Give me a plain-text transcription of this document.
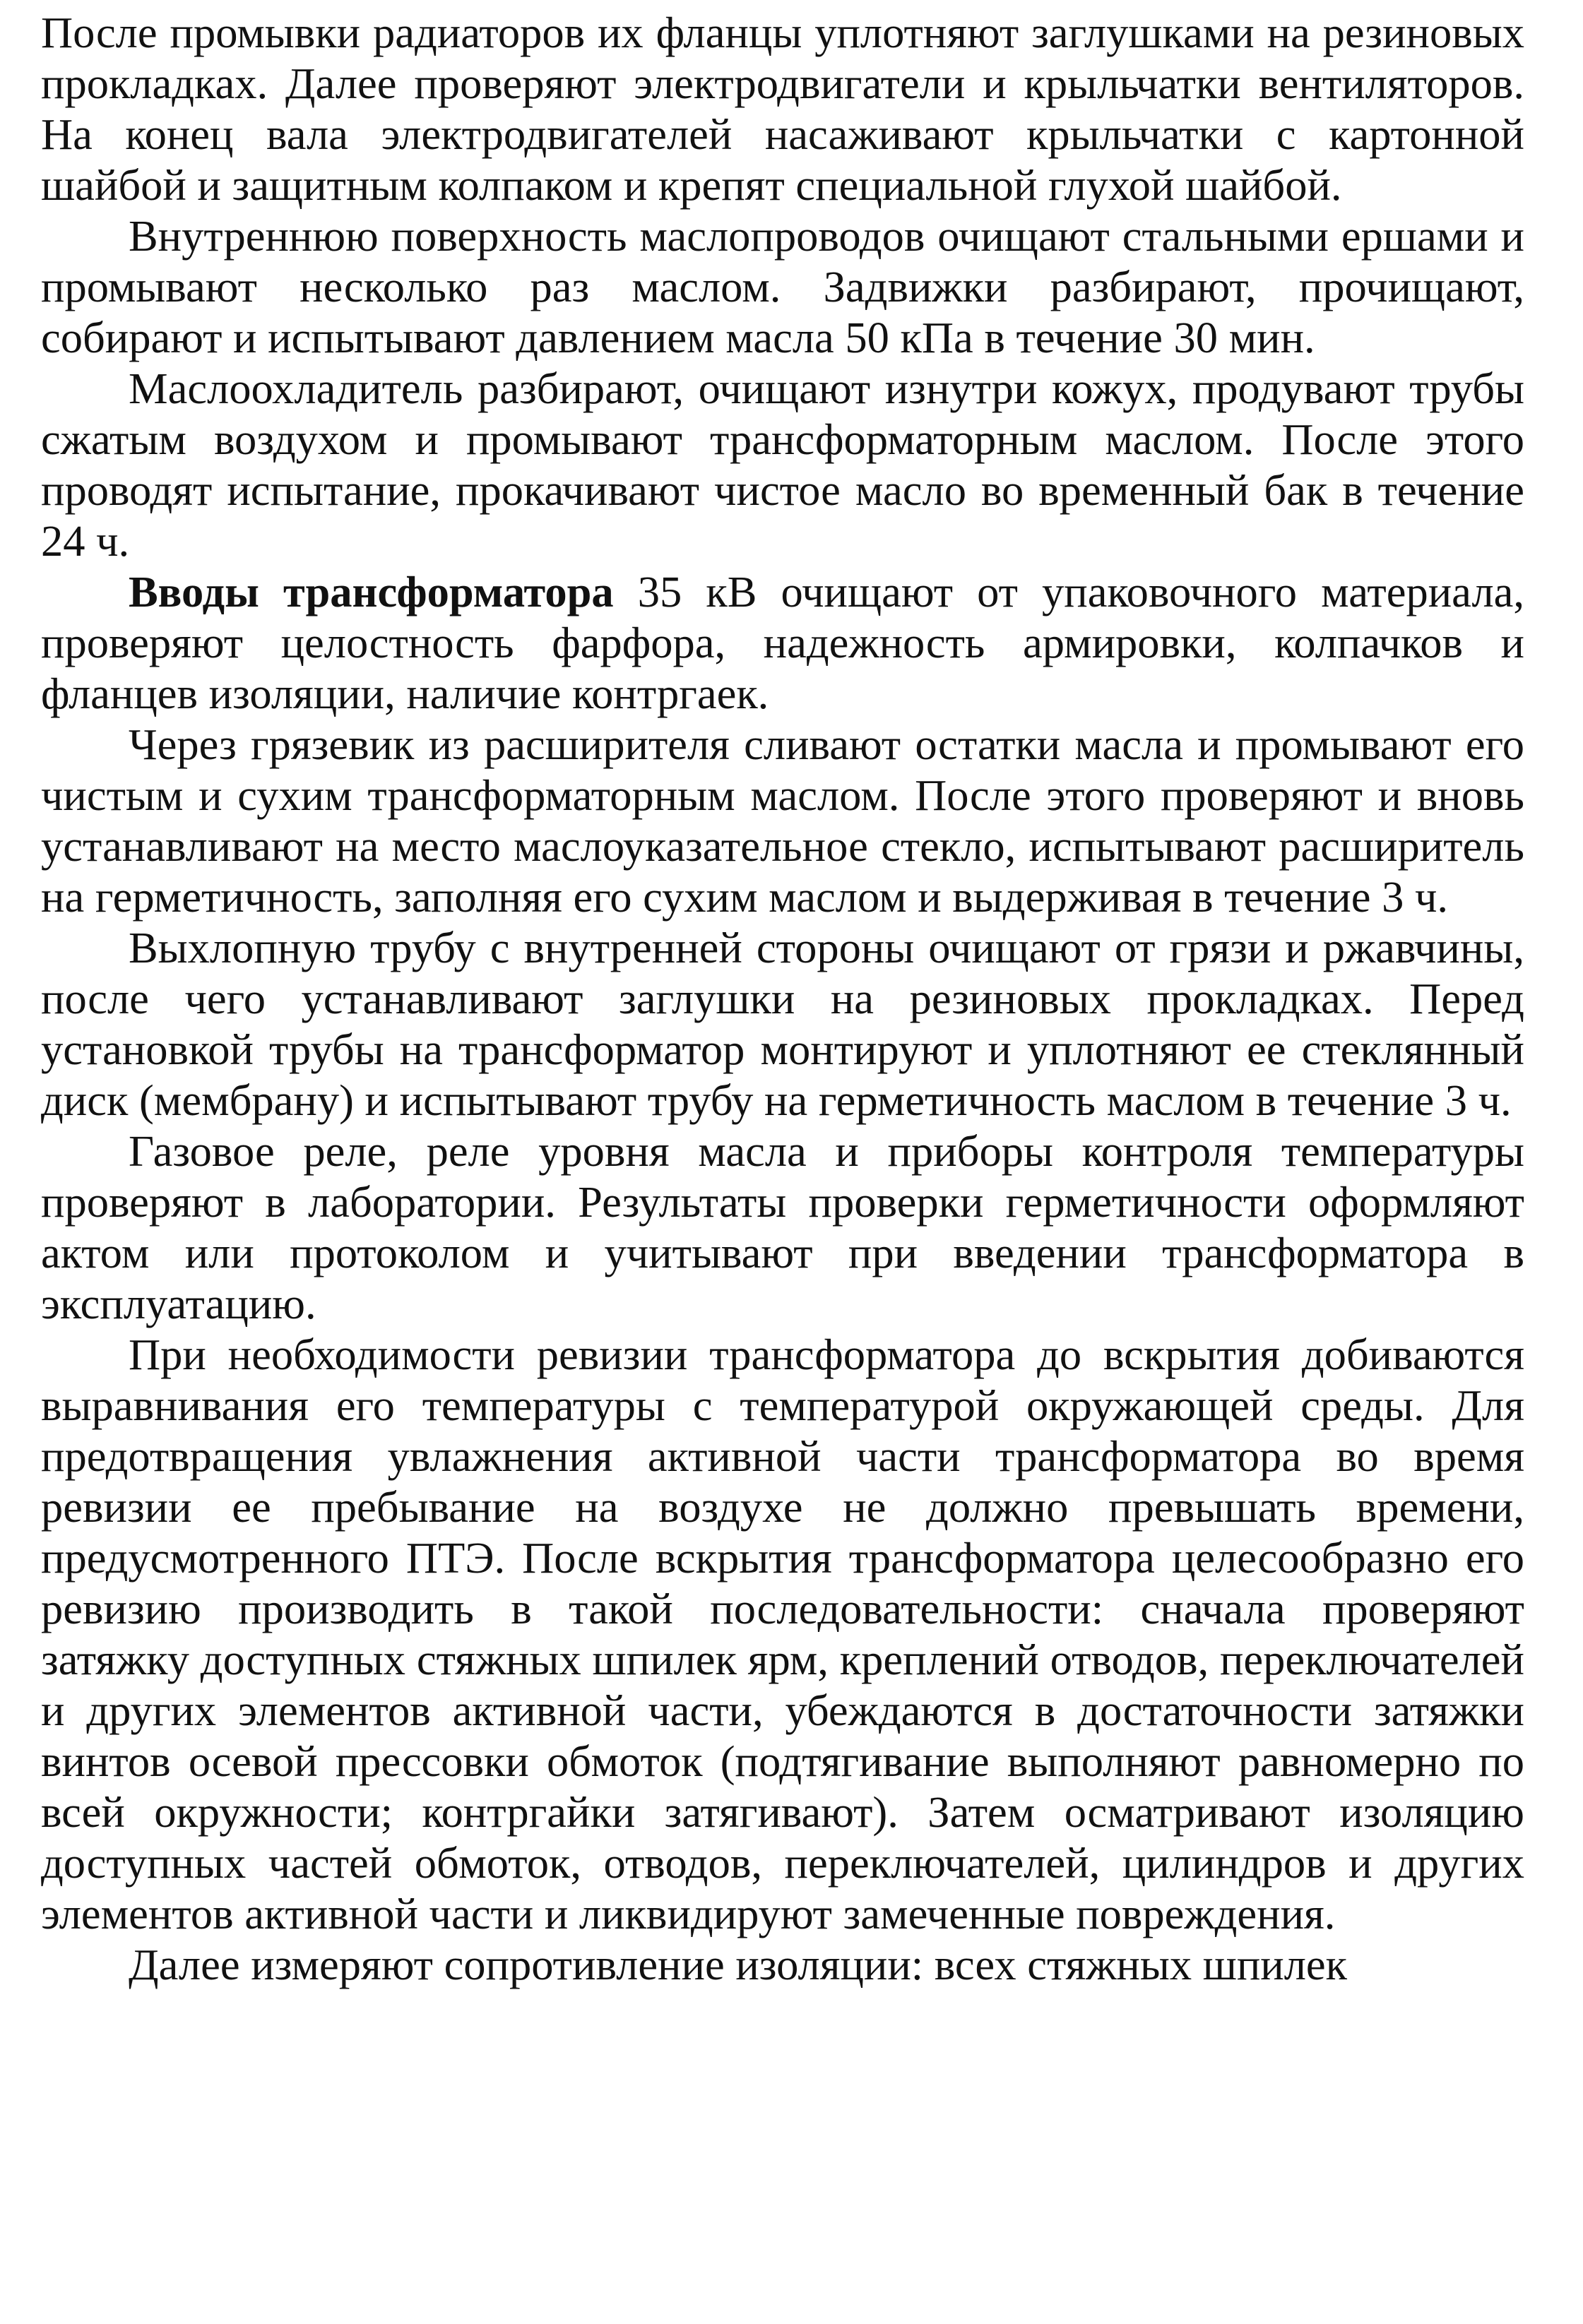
После промывки радиаторов их фланцы уплотняют заглушками на резиновых прокладках. Далее проверяют электродвигатели и крыльчатки вентиляторов. На конец вала электродвигателей насаживают крыльчатки с картонной шайбой и защитным колпаком и крепят специальной глухой шайбой.

Внутреннюю поверхность маслопроводов очищают стальными ершами и промывают несколько раз маслом. Задвижки разбирают, прочищают, собирают и испытывают давлением масла 50 кПа в течение 30 мин.

Маслоохладитель разбирают, очищают изнутри кожух, продувают трубы сжатым воздухом и промывают трансформаторным маслом. После этого проводят испытание, прокачивают чистое масло во временный бак в течение 24 ч.

Вводы трансформатора 35 кВ очищают от упаковочного материала, проверяют целостность фарфора, надежность армировки, колпачков и фланцев изоляции, наличие контргаек.

Через грязевик из расширителя сливают остатки масла и промывают его чистым и сухим трансформаторным маслом. После этого проверяют и вновь устанавливают на место маслоуказательное стекло, испытывают расширитель на герметичность, заполняя его сухим маслом и выдерживая в течение 3 ч.

Выхлопную трубу с внутренней стороны очищают от грязи и ржавчины, после чего устанавливают заглушки на резиновых прокладках. Перед установкой трубы на трансформатор монтируют и уплотняют ее стеклянный диск (мембрану) и испытывают трубу на герметичность маслом в течение 3 ч.

Газовое реле, реле уровня масла и приборы контроля температуры проверяют в лаборатории. Результаты проверки герметичности оформляют актом или протоколом и учитывают при введении трансформатора в эксплуатацию.

При необходимости ревизии трансформатора до вскрытия добиваются выравнивания его температуры с температурой окружающей среды. Для предотвращения увлажнения активной части трансформатора во время ревизии ее пребывание на воздухе не должно превышать времени, предусмотренного ПТЭ. После вскрытия трансформатора целесообразно его ревизию производить в такой последовательности: сначала проверяют затяжку доступных стяжных шпилек ярм, креплений отводов, переключателей и других элементов активной части, убеждаются в достаточности затяжки винтов осевой прессовки обмоток (подтягивание выполняют равномерно по всей окружности; контргайки затягивают). Затем осматривают изоляцию доступных частей обмоток, отводов, переключателей, цилиндров и других элементов активной части и ликвидируют замеченные повреждения.

Далее измеряют сопротивление изоляции: всех стяжных шпилек
